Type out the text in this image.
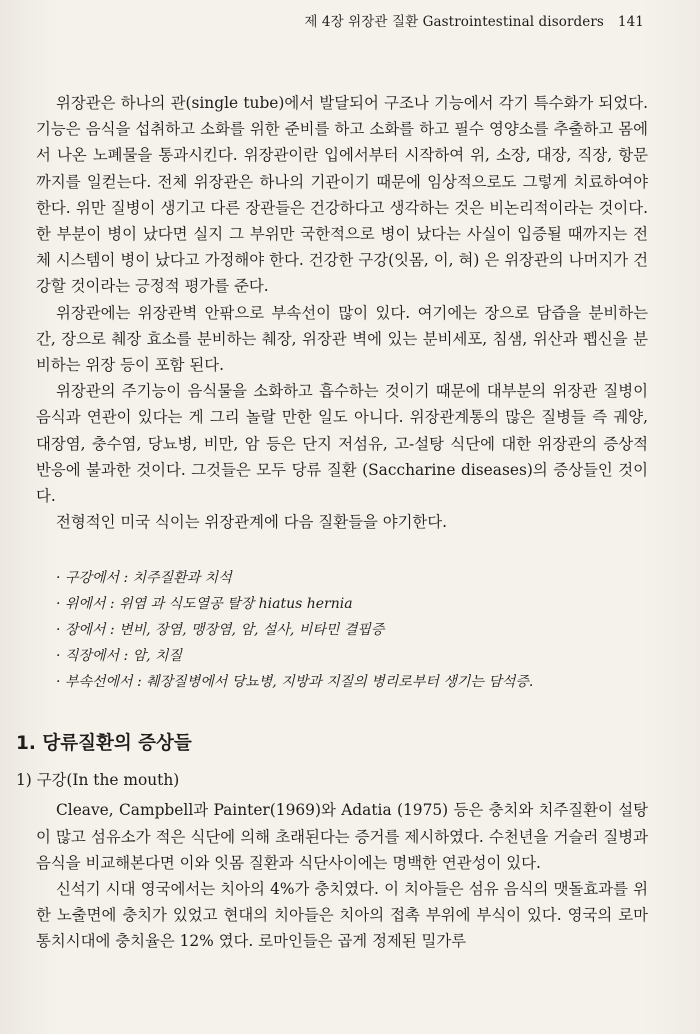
제 4장 위장관 질환 Gastrointestinal disorders 141

위장관은 하나의 관(single tube)에서 발달되어 구조나 기능에서 각기 특수화가 되었다. 기능은 음식을 섭취하고 소화를 위한 준비를 하고 소화를 하고 필수 영양소를 추출하고 몸에서 나온 노폐물을 통과시킨다. 위장관이란 입에서부터 시작하여 위, 소장, 대장, 직장, 항문까지를 일컫는다. 전체 위장관은 하나의 기관이기 때문에 임상적으로도 그렇게 치료하여야 한다. 위만 질병이 생기고 다른 장관들은 건강하다고 생각하는 것은 비논리적이라는 것이다. 한 부분이 병이 났다면 실지 그 부위만 국한적으로 병이 났다는 사실이 입증될 때까지는 전체 시스템이 병이 났다고 가정해야 한다. 건강한 구강(잇몸, 이, 혀) 은 위장관의 나머지가 건강할 것이라는 긍정적 평가를 준다.

위장관에는 위장관벽 안팎으로 부속선이 많이 있다. 여기에는 장으로 담즙을 분비하는 간, 장으로 췌장 효소를 분비하는 췌장, 위장관 벽에 있는 분비세포, 침샘, 위산과 펩신을 분비하는 위장 등이 포함 된다.

위장관의 주기능이 음식물을 소화하고 흡수하는 것이기 때문에 대부분의 위장관 질병이 음식과 연관이 있다는 게 그리 놀랄 만한 일도 아니다. 위장관계통의 많은 질병들 즉 궤양, 대장염, 충수염, 당뇨병, 비만, 암 등은 단지 저섬유, 고-설탕 식단에 대한 위장관의 증상적 반응에 불과한 것이다. 그것들은 모두 당류 질환 (Saccharine diseases)의 증상들인 것이다.

전형적인 미국 식이는 위장관계에 다음 질환들을 야기한다.

· 구강에서 : 치주질환과 치석
· 위에서 : 위염 과 식도열공 탈장 hiatus hernia
· 장에서 : 변비, 장염, 맹장염, 암, 설사, 비타민 결핍증
· 직장에서 : 암, 치질
· 부속선에서 : 췌장질병에서 당뇨병, 지방과 지질의 병리로부터 생기는 담석증.
1. 당류질환의 증상들
1) 구강(In the mouth)

Cleave, Campbell과 Painter(1969)와 Adatia (1975) 등은 충치와 치주질환이 설탕이 많고 섬유소가 적은 식단에 의해 초래된다는 증거를 제시하였다. 수천년을 거슬러 질병과 음식을 비교해본다면 이와 잇몸 질환과 식단사이에는 명백한 연관성이 있다.

신석기 시대 영국에서는 치아의 4%가 충치였다. 이 치아들은 섬유 음식의 맷돌효과를 위한 노출면에 충치가 있었고 현대의 치아들은 치아의 접촉 부위에 부식이 있다. 영국의 로마 통치시대에 충치율은 12% 였다. 로마인들은 곱게 정제된 밀가루
